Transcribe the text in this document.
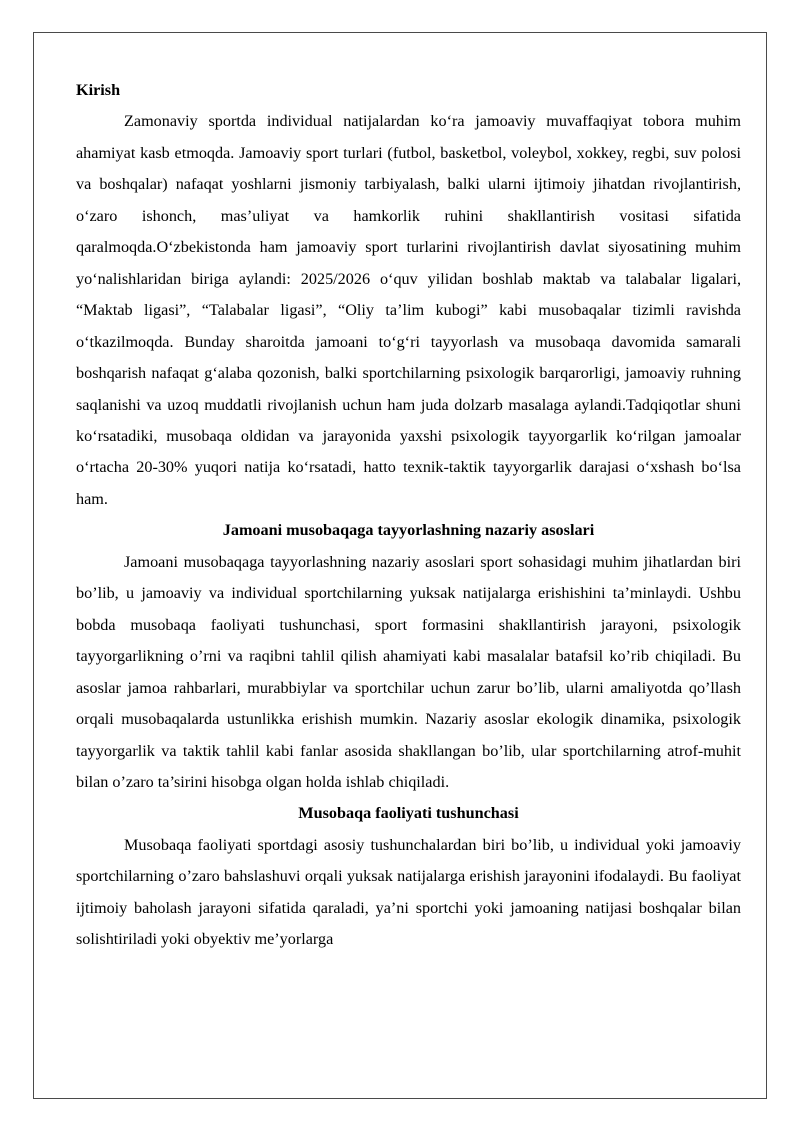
Kirish

Zamonaviy sportda individual natijalardan ko‘ra jamoaviy muvaffaqiyat tobora muhim ahamiyat kasb etmoqda. Jamoaviy sport turlari (futbol, basketbol, voleybol, xokkey, regbi, suv polosi va boshqalar) nafaqat yoshlarni jismoniy tarbiyalash, balki ularni ijtimoiy jihatdan rivojlantirish, o‘zaro ishonch, mas’uliyat va hamkorlik ruhini shakllantirish vositasi sifatida qaralmoqda.O‘zbekistonda ham jamoaviy sport turlarini rivojlantirish davlat siyosatining muhim yo‘nalishlaridan biriga aylandi: 2025/2026 o‘quv yilidan boshlab maktab va talabalar ligalari, “Maktab ligasi”, “Talabalar ligasi”, “Oliy ta’lim kubogi” kabi musobaqalar tizimli ravishda o‘tkazilmoqda. Bunday sharoitda jamoani to‘g‘ri tayyorlash va musobaqa davomida samarali boshqarish nafaqat g‘alaba qozonish, balki sportchilarning psixologik barqarorligi, jamoaviy ruhning saqlanishi va uzoq muddatli rivojlanish uchun ham juda dolzarb masalaga aylandi.Tadqiqotlar shuni ko‘rsatadiki, musobaqa oldidan va jarayonida yaxshi psixologik tayyorgarlik ko‘rilgan jamoalar o‘rtacha 20-30% yuqori natija ko‘rsatadi, hatto texnik-taktik tayyorgarlik darajasi o‘xshash bo‘lsa ham.

Jamoani musobaqaga tayyorlashning nazariy asoslari

Jamoani musobaqaga tayyorlashning nazariy asoslari sport sohasidagi muhim jihatlardan biri bo’lib, u jamoaviy va individual sportchilarning yuksak natijalarga erishishini ta’minlaydi. Ushbu bobda musobaqa faoliyati tushunchasi, sport formasini shakllantirish jarayoni, psixologik tayyorgarlikning o’rni va raqibni tahlil qilish ahamiyati kabi masalalar batafsil ko’rib chiqiladi. Bu asoslar jamoa rahbarlari, murabbiylar va sportchilar uchun zarur bo’lib, ularni amaliyotda qo’llash orqali musobaqalarda ustunlikka erishish mumkin. Nazariy asoslar ekologik dinamika, psixologik tayyorgarlik va taktik tahlil kabi fanlar asosida shakllangan bo’lib, ular sportchilarning atrof-muhit bilan o’zaro ta’sirini hisobga olgan holda ishlab chiqiladi.

Musobaqa faoliyati tushunchasi

Musobaqa faoliyati sportdagi asosiy tushunchalardan biri bo’lib, u individual yoki jamoaviy sportchilarning o’zaro bahslashuvi orqali yuksak natijalarga erishish jarayonini ifodalaydi. Bu faoliyat ijtimoiy baholash jarayoni sifatida qaraladi, ya’ni sportchi yoki jamoaning natijasi boshqalar bilan solishtiriladi yoki obyektiv me’yorlarga
